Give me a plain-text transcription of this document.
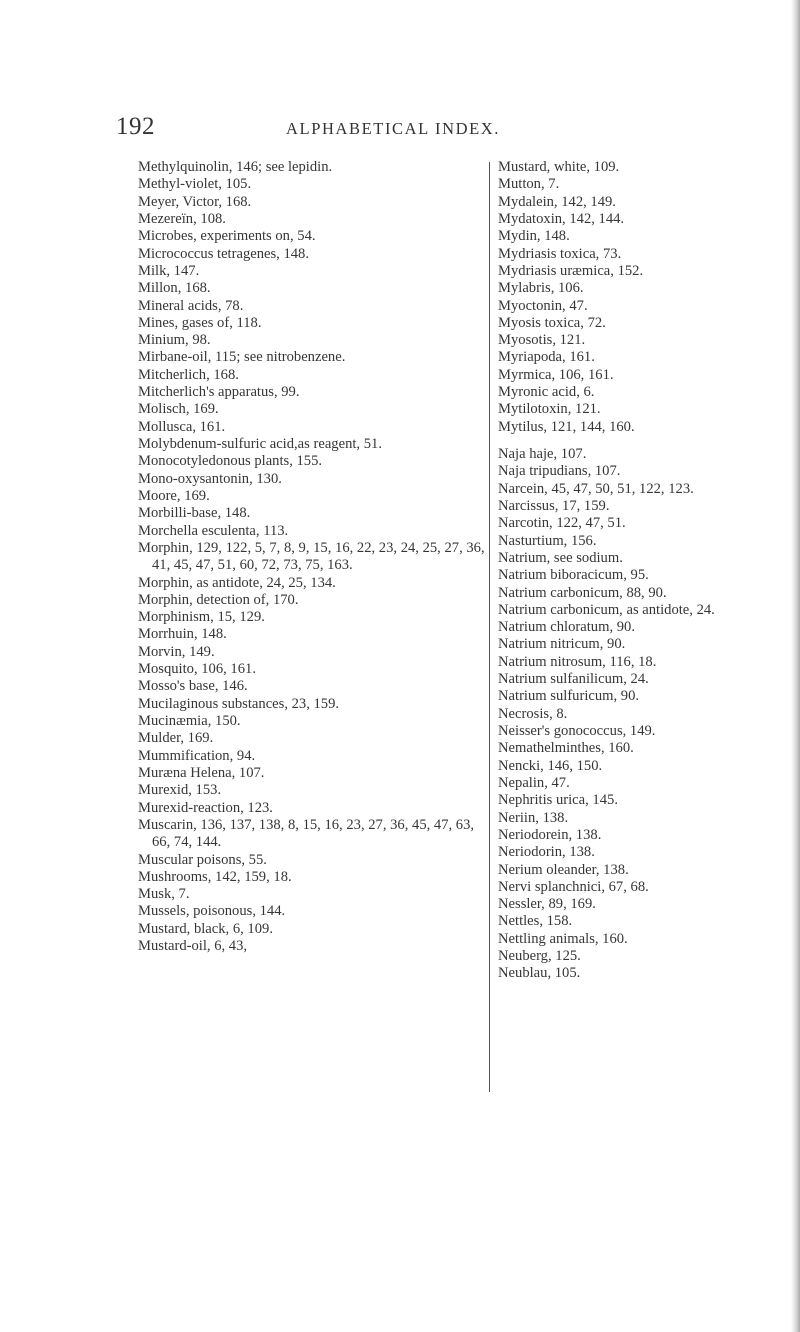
192	ALPHABETICAL INDEX.
Methylquinolin, 146; see lepidin.
Methyl-violet, 105.
Meyer, Victor, 168.
Mezereïn, 108.
Microbes, experiments on, 54.
Micrococcus tetragenes, 148.
Milk, 147.
Millon, 168.
Mineral acids, 78.
Mines, gases of, 118.
Minium, 98.
Mirbane-oil, 115; see nitrobenzene.
Mitcherlich, 168.
Mitcherlich's apparatus, 99.
Molisch, 169.
Mollusca, 161.
Molybdenum-sulfuric acid,as reagent, 51.
Monocotyledonous plants, 155.
Mono-oxysantonin, 130.
Moore, 169.
Morbilli-base, 148.
Morchella esculenta, 113.
Morphin, 129, 122, 5, 7, 8, 9, 15, 16, 22, 23, 24, 25, 27, 36, 41, 45, 47, 51, 60, 72, 73, 75, 163.
Morphin, as antidote, 24, 25, 134.
Morphin, detection of, 170.
Morphinism, 15, 129.
Morrhuin, 148.
Morvin, 149.
Mosquito, 106, 161.
Mosso's base, 146.
Mucilaginous substances, 23, 159.
Mucinæmia, 150.
Mulder, 169.
Mummification, 94.
Muræna Helena, 107.
Murexid, 153.
Murexid-reaction, 123.
Muscarin, 136, 137, 138, 8, 15, 16, 23, 27, 36, 45, 47, 63, 66, 74, 144.
Muscular poisons, 55.
Mushrooms, 142, 159, 18.
Musk, 7.
Mussels, poisonous, 144.
Mustard, black, 6, 109.
Mustard-oil, 6, 43,
Mustard, white, 109.
Mutton, 7.
Mydalein, 142, 149.
Mydatoxin, 142, 144.
Mydin, 148.
Mydriasis toxica, 73.
Mydriasis uræmica, 152.
Mylabris, 106.
Myoctonin, 47.
Myosis toxica, 72.
Myosotis, 121.
Myriapoda, 161.
Myrmica, 106, 161.
Myronic acid, 6.
Mytilotoxin, 121.
Mytilus, 121, 144, 160.
Naja haje, 107.
Naja tripudians, 107.
Narcein, 45, 47, 50, 51, 122, 123.
Narcissus, 17, 159.
Narcotin, 122, 47, 51.
Nasturtium, 156.
Natrium, see sodium.
Natrium biboracicum, 95.
Natrium carbonicum, 88, 90.
Natrium carbonicum, as antidote, 24.
Natrium chloratum, 90.
Natrium nitricum, 90.
Natrium nitrosum, 116, 18.
Natrium sulfanilicum, 24.
Natrium sulfuricum, 90.
Necrosis, 8.
Neisser's gonococcus, 149.
Nemathelminthes, 160.
Nencki, 146, 150.
Nepalin, 47.
Nephritis urica, 145.
Neriin, 138.
Neriodorein, 138.
Neriodorin, 138.
Nerium oleander, 138.
Nervi splanchnici, 67, 68.
Nessler, 89, 169.
Nettles, 158.
Nettling animals, 160.
Neuberg, 125.
Neublau, 105.
